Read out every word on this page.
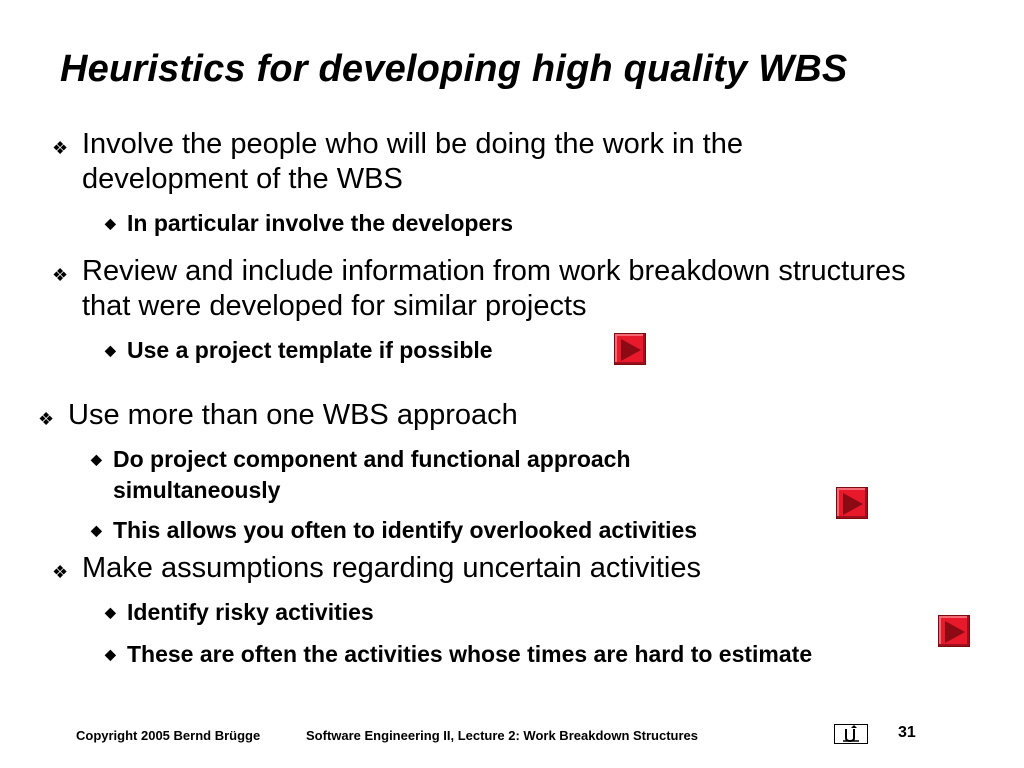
Heuristics for developing high quality WBS
❖ Involve the people who will be doing the work in the development of the WBS
◆ In particular involve the developers
❖ Review and include information from work breakdown structures that were developed for similar projects
◆ Use a project template if possible
❖ Use more than one WBS approach
◆ Do project component and functional approach simultaneously
◆ This allows you often to identify overlooked activities
❖ Make assumptions regarding uncertain activities
◆ Identify risky activities
◆ These are often the activities whose times are hard to estimate
Copyright 2005 Bernd Brügge	Software Engineering II, Lecture 2: Work Breakdown Structures	31
